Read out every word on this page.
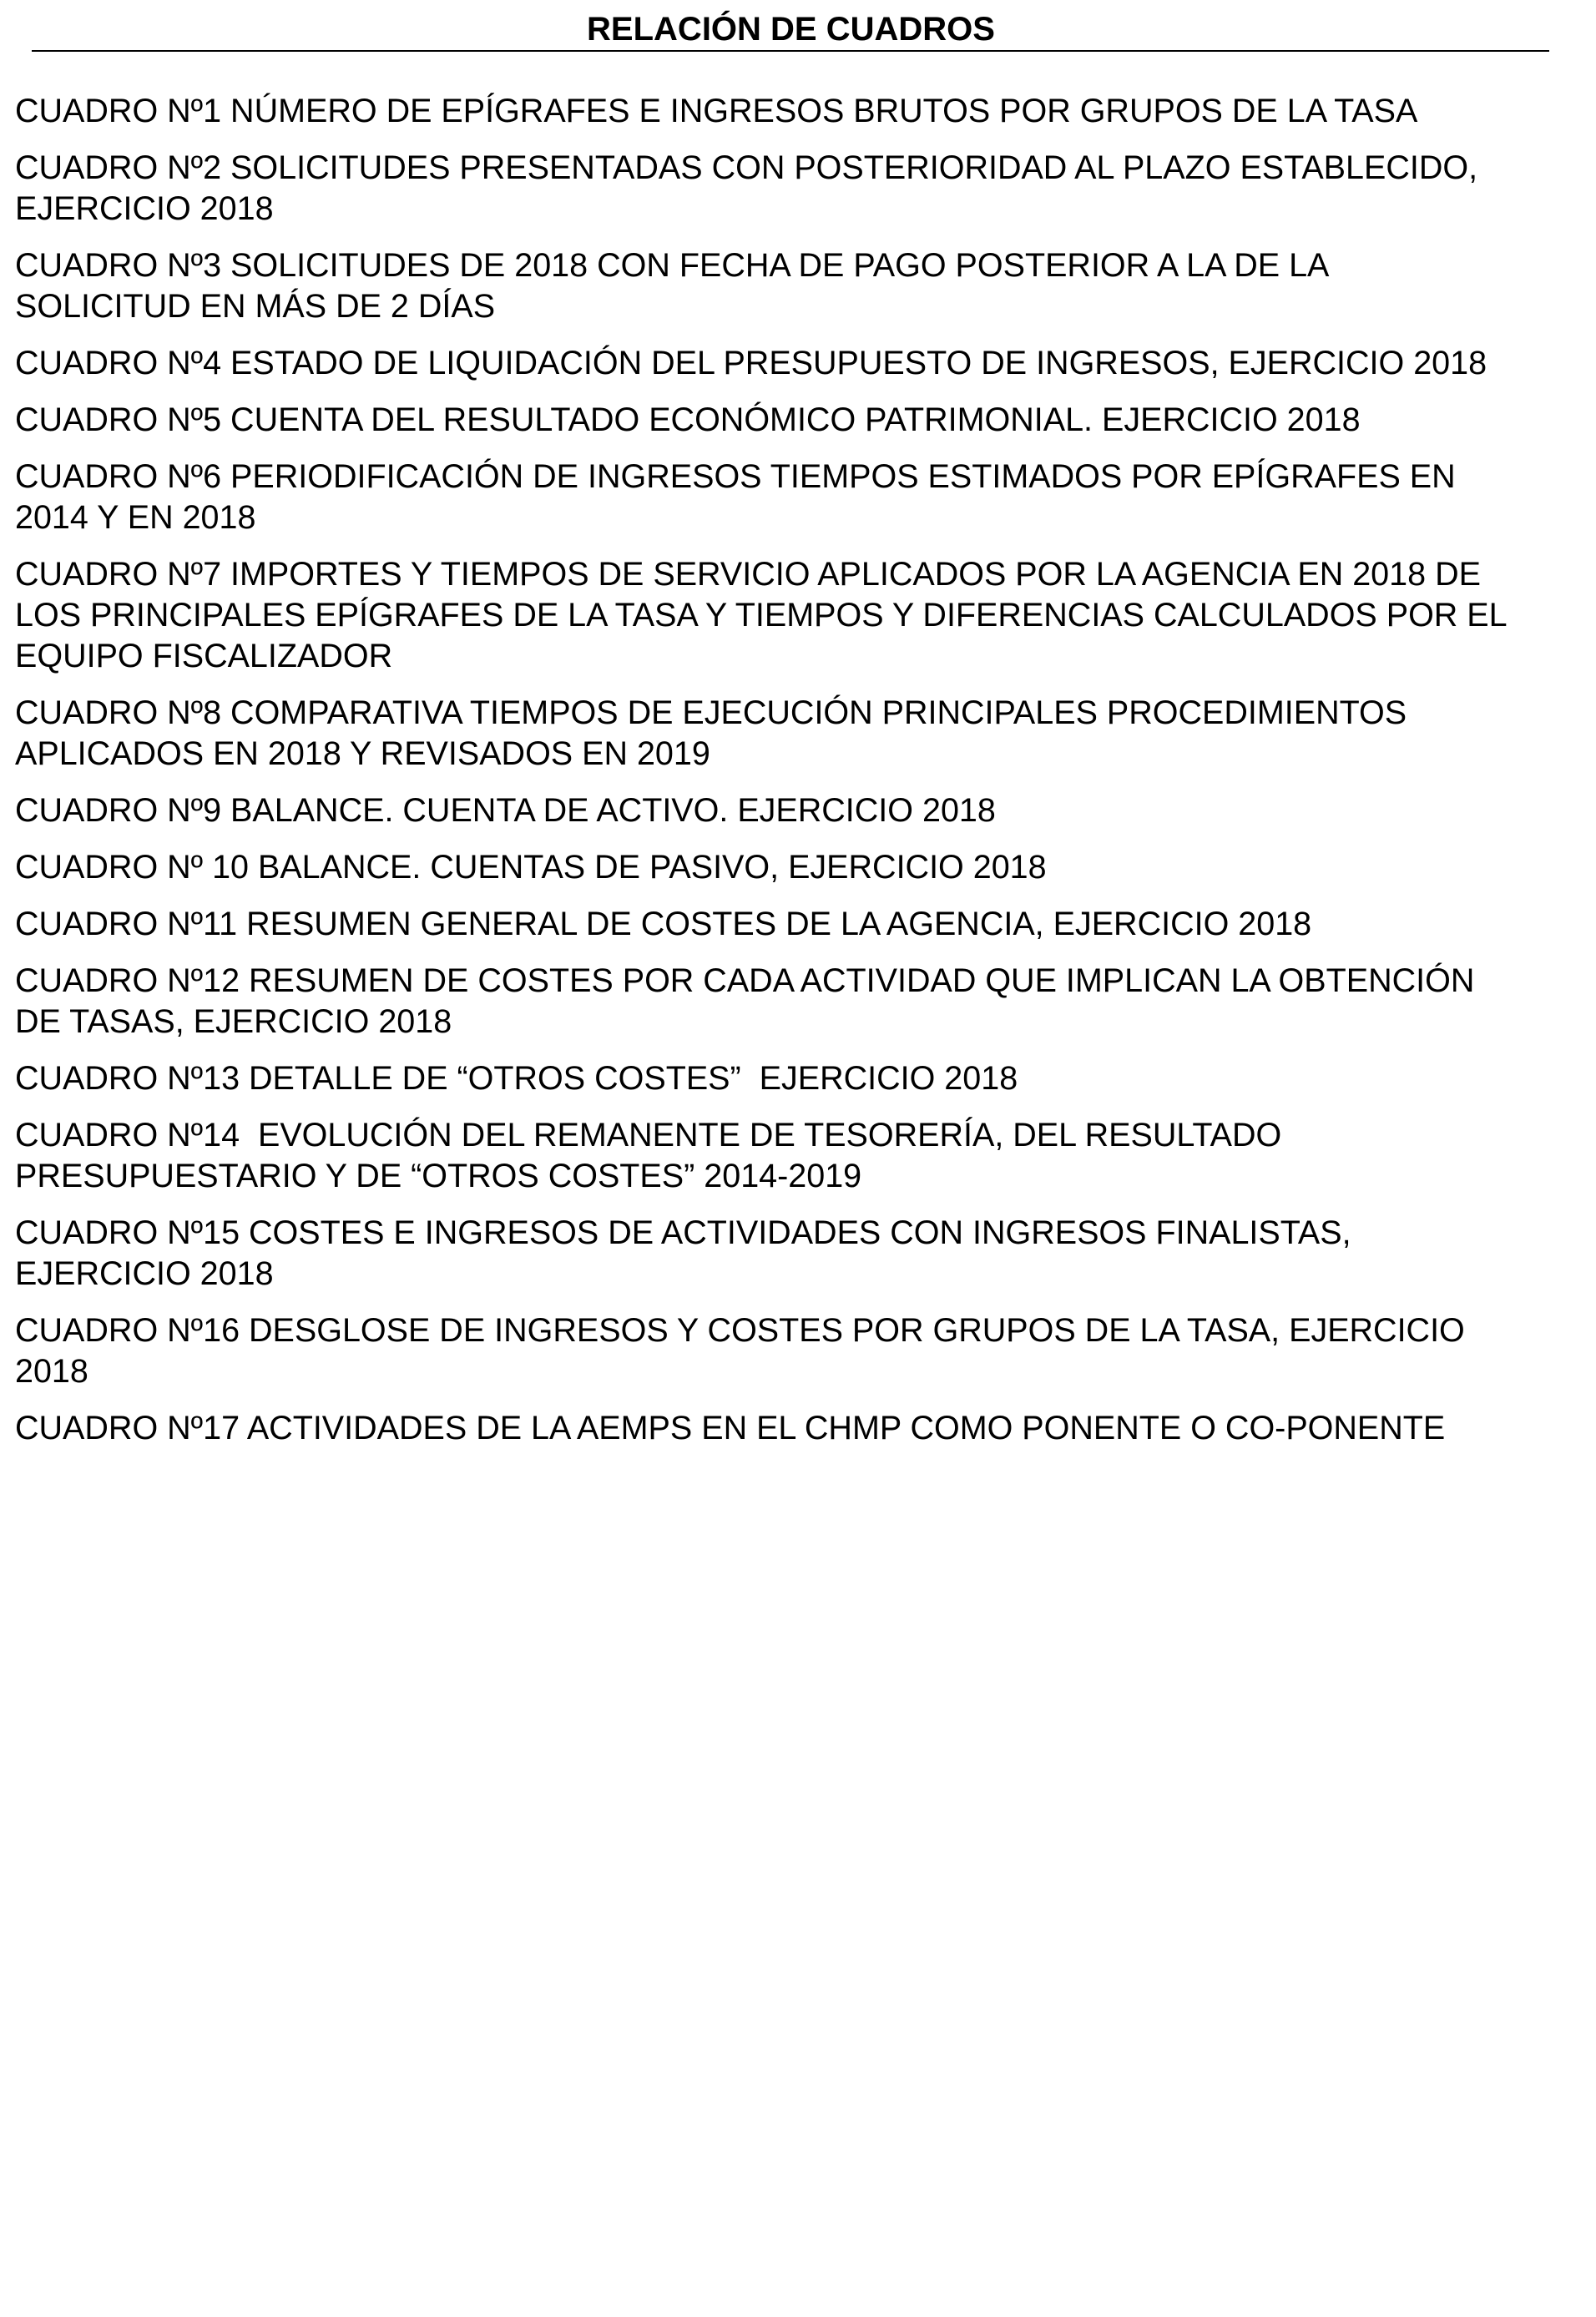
RELACIÓN DE CUADROS
CUADRO Nº1 NÚMERO DE EPÍGRAFES E INGRESOS BRUTOS POR GRUPOS DE LA TASA
CUADRO Nº2 SOLICITUDES PRESENTADAS CON POSTERIORIDAD AL PLAZO ESTABLECIDO,
EJERCICIO 2018
CUADRO Nº3 SOLICITUDES DE 2018 CON FECHA DE PAGO POSTERIOR A LA DE LA
SOLICITUD EN MÁS DE 2 DÍAS
CUADRO Nº4 ESTADO DE LIQUIDACIÓN DEL PRESUPUESTO DE INGRESOS, EJERCICIO 2018
CUADRO Nº5 CUENTA DEL RESULTADO ECONÓMICO PATRIMONIAL. EJERCICIO 2018
CUADRO Nº6 PERIODIFICACIÓN DE INGRESOS TIEMPOS ESTIMADOS POR EPÍGRAFES EN
2014 Y EN 2018
CUADRO Nº7 IMPORTES Y TIEMPOS DE SERVICIO APLICADOS POR LA AGENCIA EN 2018 DE
LOS PRINCIPALES EPÍGRAFES DE LA TASA Y TIEMPOS Y DIFERENCIAS CALCULADOS POR EL
EQUIPO FISCALIZADOR
CUADRO Nº8 COMPARATIVA TIEMPOS DE EJECUCIÓN PRINCIPALES PROCEDIMIENTOS
APLICADOS EN 2018 Y REVISADOS EN 2019
CUADRO Nº9 BALANCE. CUENTA DE ACTIVO. EJERCICIO 2018
CUADRO Nº 10 BALANCE. CUENTAS DE PASIVO, EJERCICIO 2018
CUADRO Nº11 RESUMEN GENERAL DE COSTES DE LA AGENCIA, EJERCICIO 2018
CUADRO Nº12 RESUMEN DE COSTES POR CADA ACTIVIDAD QUE IMPLICAN LA OBTENCIÓN
DE TASAS, EJERCICIO 2018
CUADRO Nº13 DETALLE DE “OTROS COSTES”  EJERCICIO 2018
CUADRO Nº14  EVOLUCIÓN DEL REMANENTE DE TESORERÍA, DEL RESULTADO
PRESUPUESTARIO Y DE “OTROS COSTES” 2014-2019
CUADRO Nº15 COSTES E INGRESOS DE ACTIVIDADES CON INGRESOS FINALISTAS,
EJERCICIO 2018
CUADRO Nº16 DESGLOSE DE INGRESOS Y COSTES POR GRUPOS DE LA TASA, EJERCICIO
2018
CUADRO Nº17 ACTIVIDADES DE LA AEMPS EN EL CHMP COMO PONENTE O CO-PONENTE
